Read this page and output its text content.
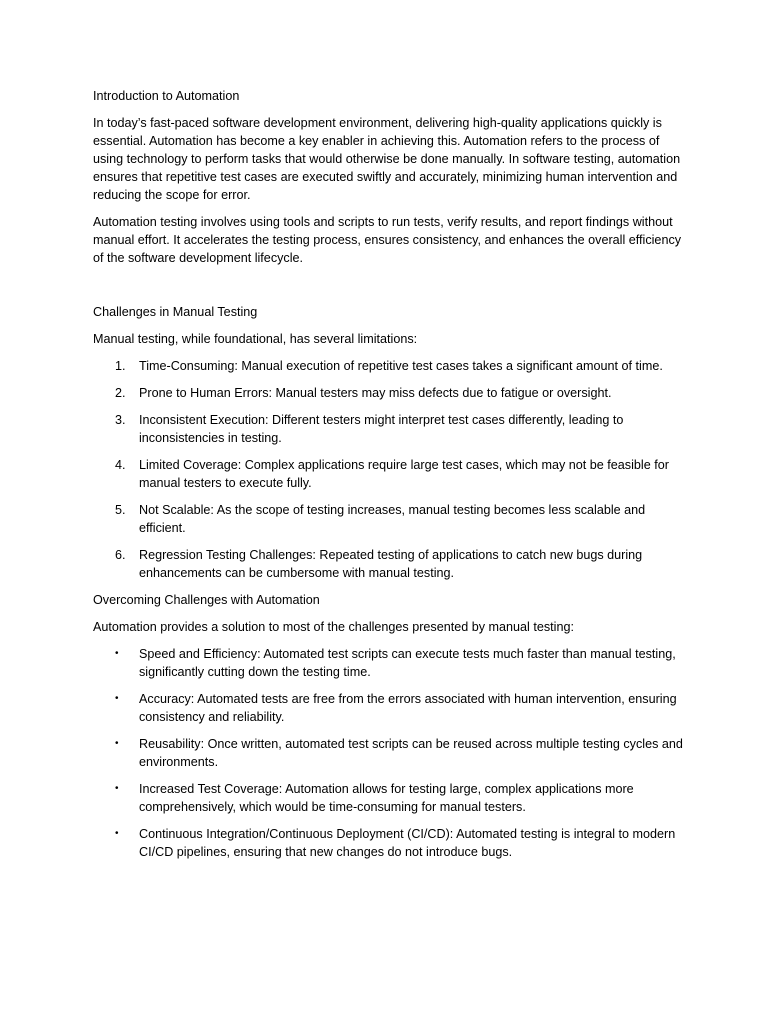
Introduction to Automation

In today’s fast-paced software development environment, delivering high-quality applications quickly is essential. Automation has become a key enabler in achieving this. Automation refers to the process of using technology to perform tasks that would otherwise be done manually. In software testing, automation ensures that repetitive test cases are executed swiftly and accurately, minimizing human intervention and reducing the scope for error.

Automation testing involves using tools and scripts to run tests, verify results, and report findings without manual effort. It accelerates the testing process, ensures consistency, and enhances the overall efficiency of the software development lifecycle.

Challenges in Manual Testing

Manual testing, while foundational, has several limitations:

1.	Time-Consuming: Manual execution of repetitive test cases takes a significant amount of time.
2.	Prone to Human Errors: Manual testers may miss defects due to fatigue or oversight.
3.	Inconsistent Execution: Different testers might interpret test cases differently, leading to inconsistencies in testing.
4.	Limited Coverage: Complex applications require large test cases, which may not be feasible for manual testers to execute fully.
5.	Not Scalable: As the scope of testing increases, manual testing becomes less scalable and efficient.
6.	Regression Testing Challenges: Repeated testing of applications to catch new bugs during enhancements can be cumbersome with manual testing.
Overcoming Challenges with Automation

Automation provides a solution to most of the challenges presented by manual testing:

• Speed and Efficiency: Automated test scripts can execute tests much faster than manual testing, significantly cutting down the testing time.
• Accuracy: Automated tests are free from the errors associated with human intervention, ensuring consistency and reliability.
• Reusability: Once written, automated test scripts can be reused across multiple testing cycles and environments.
• Increased Test Coverage: Automation allows for testing large, complex applications more comprehensively, which would be time-consuming for manual testers.
• Continuous Integration/Continuous Deployment (CI/CD): Automated testing is integral to modern CI/CD pipelines, ensuring that new changes do not introduce bugs.
